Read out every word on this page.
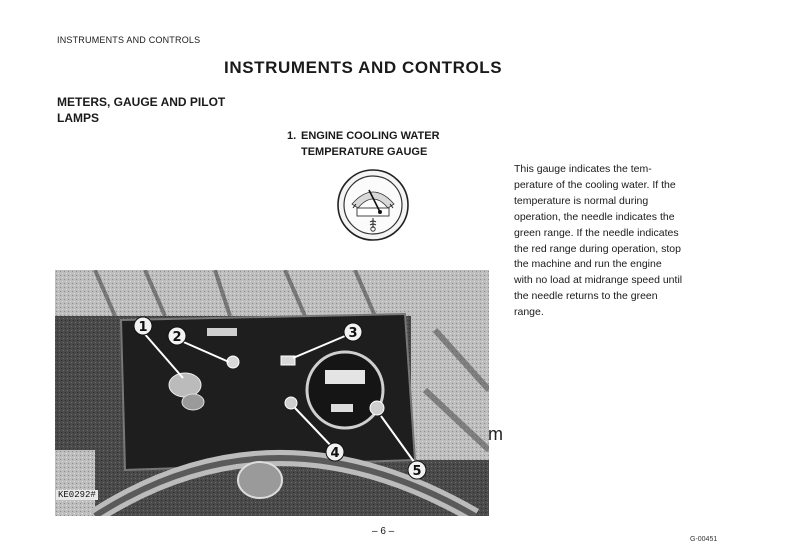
INSTRUMENTS AND CONTROLS
INSTRUMENTS AND CONTROLS
METERS, GAUGE AND PILOT
LAMPS
1. ENGINE COOLING WATER
TEMPERATURE GAUGE
This gauge indicates the tem-
perature of the cooling water. If the
temperature is normal during
operation, the needle indicates the
green range. If the needle indicates
the red range during operation, stop
the machine and run the engine
with no load at midrange speed until
the needle returns to the green
range.
1
2	3
4
5
KE0292#
m
– 6 –
G-00451
